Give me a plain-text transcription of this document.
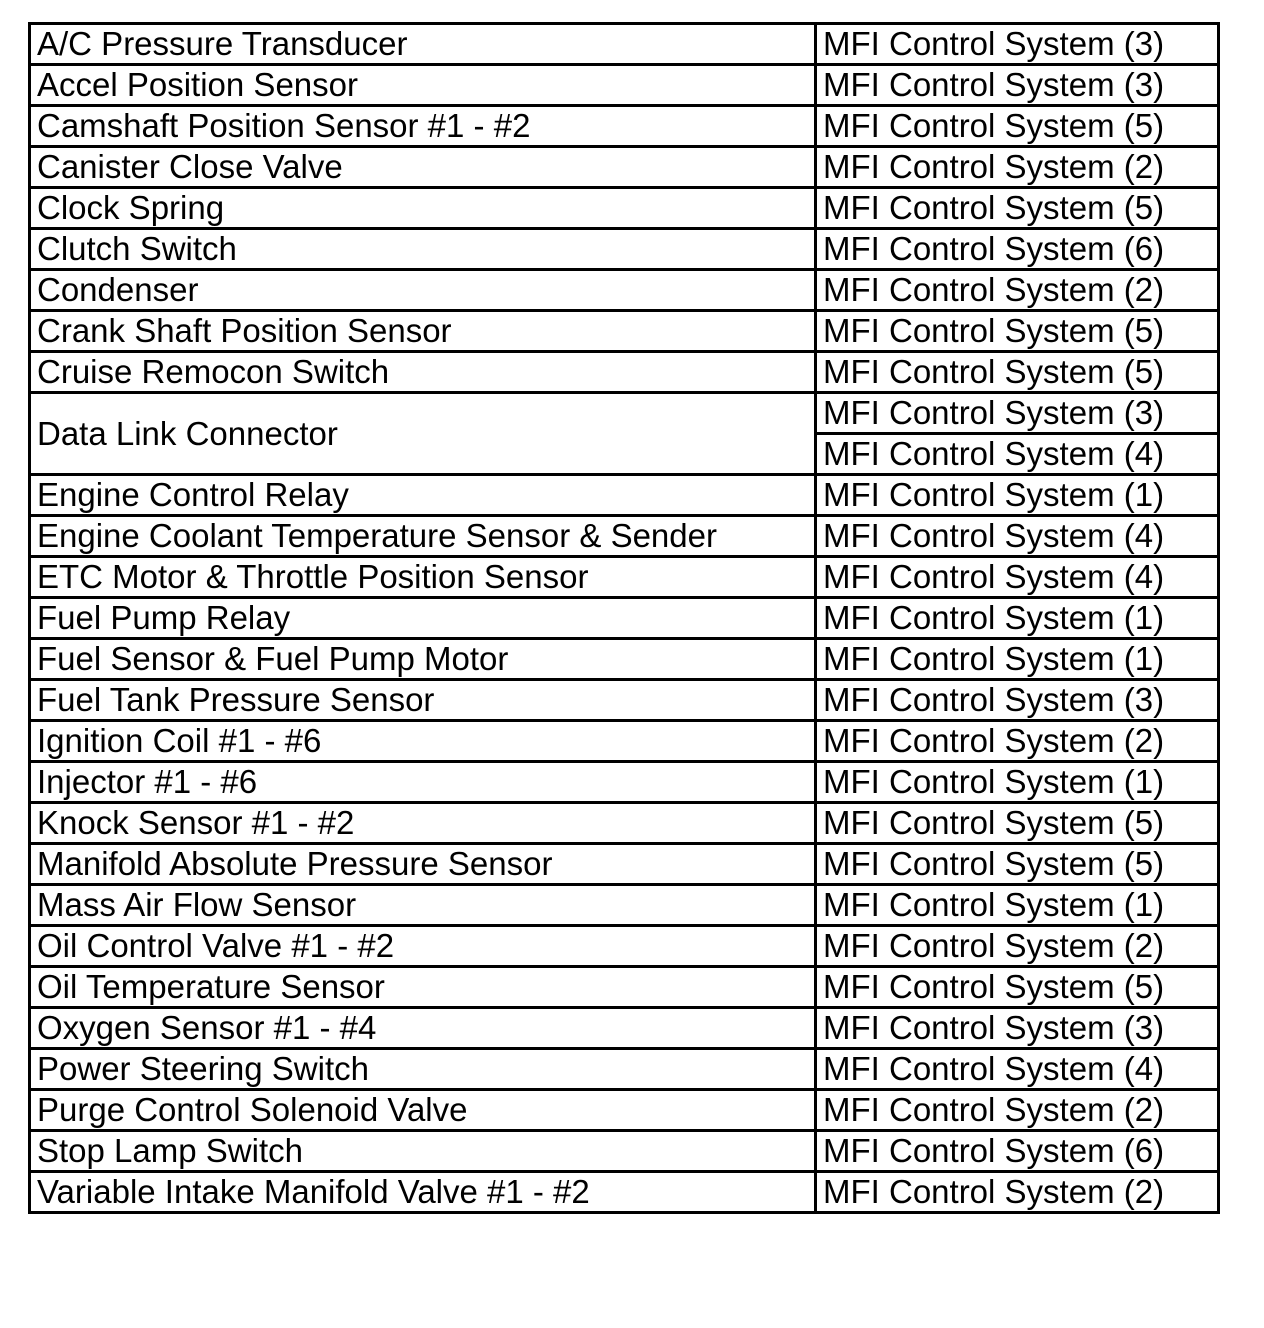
A/C Pressure Transducer	MFI Control System (3)
Accel Position Sensor	MFI Control System (3)
Camshaft Position Sensor #1 - #2	MFI Control System (5)
Canister Close Valve	MFI Control System (2)
Clock Spring	MFI Control System (5)
Clutch Switch	MFI Control System (6)
Condenser	MFI Control System (2)
Crank Shaft Position Sensor	MFI Control System (5)
Cruise Remocon Switch	MFI Control System (5)
Data Link Connector	MFI Control System (3)
	MFI Control System (4)
Engine Control Relay	MFI Control System (1)
Engine Coolant Temperature Sensor & Sender	MFI Control System (4)
ETC Motor & Throttle Position Sensor	MFI Control System (4)
Fuel Pump Relay	MFI Control System (1)
Fuel Sensor & Fuel Pump Motor	MFI Control System (1)
Fuel Tank Pressure Sensor	MFI Control System (3)
Ignition Coil #1 - #6	MFI Control System (2)
Injector #1 - #6	MFI Control System (1)
Knock Sensor #1 - #2	MFI Control System (5)
Manifold Absolute Pressure Sensor	MFI Control System (5)
Mass Air Flow Sensor	MFI Control System (1)
Oil Control Valve #1 - #2	MFI Control System (2)
Oil Temperature Sensor	MFI Control System (5)
Oxygen Sensor #1 - #4	MFI Control System (3)
Power Steering Switch	MFI Control System (4)
Purge Control Solenoid Valve	MFI Control System (2)
Stop Lamp Switch	MFI Control System (6)
Variable Intake Manifold Valve #1 - #2	MFI Control System (2)
